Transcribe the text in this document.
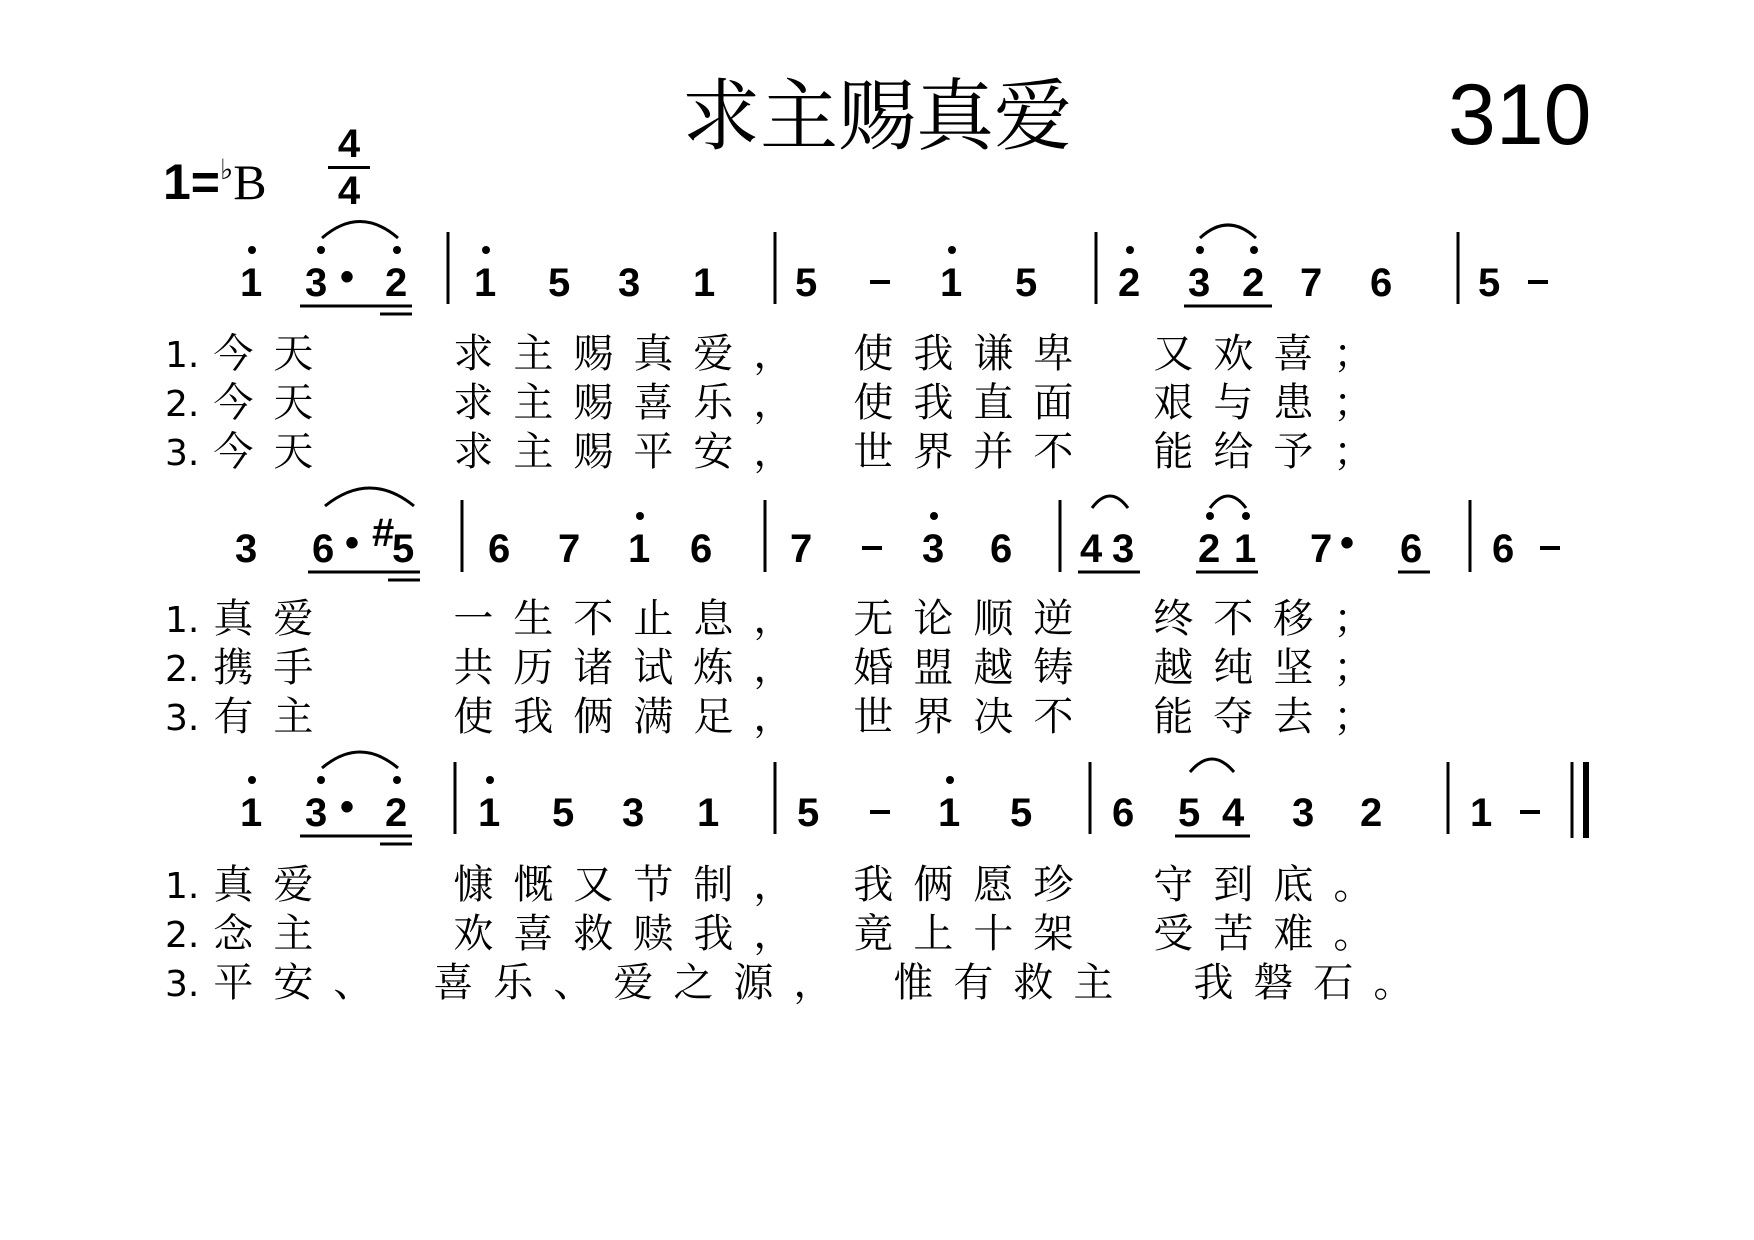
求主赐真爱	310
1=♭B
4
4
1 3 • 2 1 5 3 1 5	1 5 2 3 2 7 6 5
3 6 • #
5 6 7 1 6 7	3 6 4 3 2 1 7 • 6 6
1 3 • 2 1 5 3 1 5	1 5 6 5 4 3 2 1
1. 今天　　求主赐真爱，　使我谦卑　又欢喜；
2. 今天　　求主赐喜乐，　使我直面　艰与患；
3. 今天　　求主赐平安，　世界并不　能给予；
1. 真爱　　一生不止息，　无论顺逆　终不移；
2. 携手　　共历诸试炼，　婚盟越铸　越纯坚；
3. 有主　　使我俩满足，　世界决不　能夺去；
1. 真爱　　慷慨又节制，　我俩愿珍　守到底。
2. 念主　　欢喜救赎我，　竟上十架　受苦难。
3. 平安、　喜乐、爱之源，　惟有救主　我磐石。
